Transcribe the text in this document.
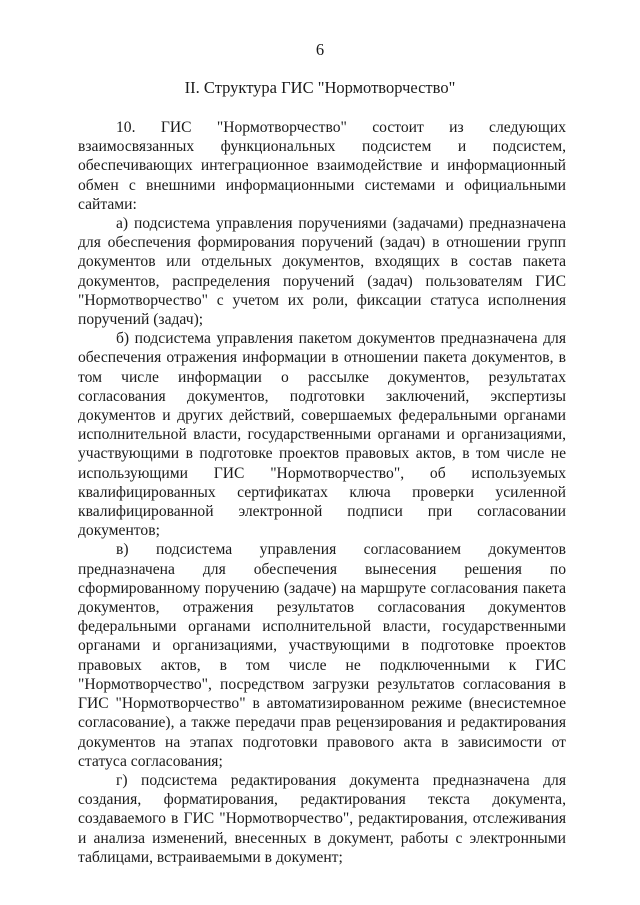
6
II. Структура ГИС "Нормотворчество"

10. ГИС "Нормотворчество" состоит из следующих взаимосвязанных функциональных подсистем и подсистем, обеспечивающих интеграционное взаимодействие и информационный обмен с внешними информационными системами и официальными сайтами:

а) подсистема управления поручениями (задачами) предназначена для обеспечения формирования поручений (задач) в отношении групп документов или отдельных документов, входящих в состав пакета документов, распределения поручений (задач) пользователям ГИС "Нормотворчество" с учетом их роли, фиксации статуса исполнения поручений (задач);

б) подсистема управления пакетом документов предназначена для обеспечения отражения информации в отношении пакета документов, в том числе информации о рассылке документов, результатах согласования документов, подготовки заключений, экспертизы документов и других действий, совершаемых федеральными органами исполнительной власти, государственными органами и организациями, участвующими в подготовке проектов правовых актов, в том числе не использующими ГИС "Нормотворчество", об используемых квалифицированных сертификатах ключа проверки усиленной квалифицированной электронной подписи при согласовании документов;

в) подсистема управления согласованием документов предназначена для обеспечения вынесения решения по сформированному поручению (задаче) на маршруте согласования пакета документов, отражения результатов согласования документов федеральными органами исполнительной власти, государственными органами и организациями, участвующими в подготовке проектов правовых актов, в том числе не подключенными к ГИС "Нормотворчество", посредством загрузки результатов согласования в ГИС "Нормотворчество" в автоматизированном режиме (внесистемное согласование), а также передачи прав рецензирования и редактирования документов на этапах подготовки правового акта в зависимости от статуса согласования;

г) подсистема редактирования документа предназначена для создания, форматирования, редактирования текста документа, создаваемого в ГИС "Нормотворчество", редактирования, отслеживания и анализа изменений, внесенных в документ, работы с электронными таблицами, встраиваемыми в документ;
